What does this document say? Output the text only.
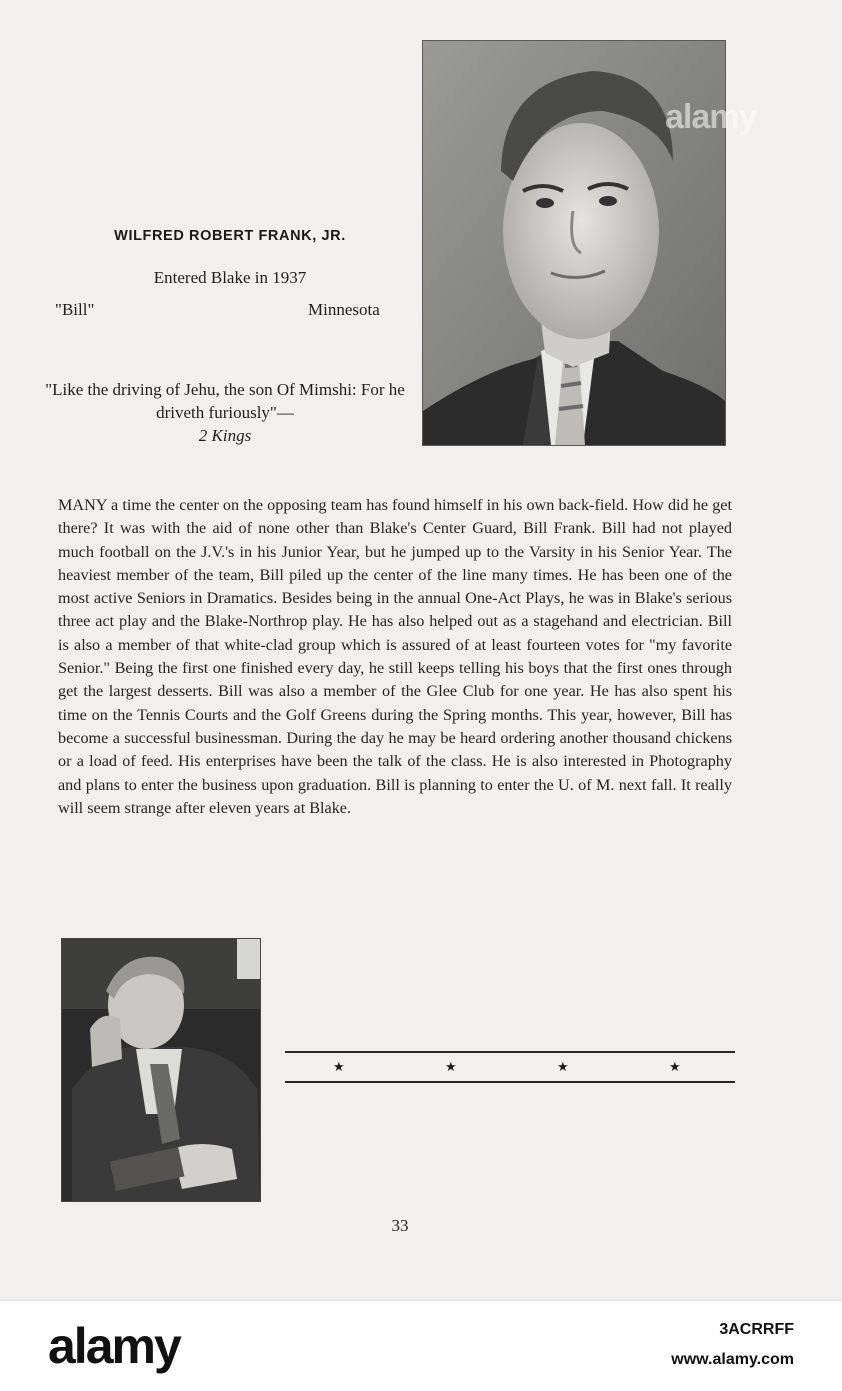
alamy
WILFRED ROBERT FRANK, JR.
Entered Blake in 1937
"Bill"	Minnesota
"Like the driving of Jehu, the son Of Mimshi: For he driveth furiously"—
2 Kings
MANY a time the center on the opposing team has found himself in his own back-field. How did he get there? It was with the aid of none other than Blake's Center Guard, Bill Frank. Bill had not played much football on the J.V.'s in his Junior Year, but he jumped up to the Varsity in his Senior Year. The heaviest member of the team, Bill piled up the center of the line many times. He has been one of the most active Seniors in Dramatics. Besides being in the annual One-Act Plays, he was in Blake's serious three act play and the Blake-Northrop play. He has also helped out as a stagehand and electrician. Bill is also a member of that white-clad group which is assured of at least fourteen votes for "my favorite Senior." Being the first one finished every day, he still keeps telling his boys that the first ones through get the largest desserts. Bill was also a member of the Glee Club for one year. He has also spent his time on the Tennis Courts and the Golf Greens during the Spring months. This year, however, Bill has become a successful businessman. During the day he may be heard ordering another thousand chickens or a load of feed. His enterprises have been the talk of the class. He is also interested in Photography and plans to enter the business upon graduation. Bill is planning to enter the U. of M. next fall. It really will seem strange after eleven years at Blake.
★	★	★	★
33
alamy	3ACRRFF
www.alamy.com
